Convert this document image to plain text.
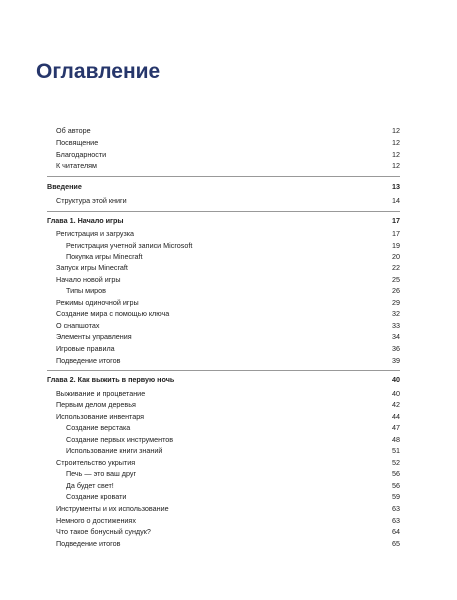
Оглавление
Об авторе	12
Посвящение	12
Благодарности	12
К читателям	12
Введение	13
Структура этой книги	14
Глава 1. Начало игры	17
Регистрация и загрузка	17
Регистрация учетной записи Microsoft	19
Покупка игры Minecraft	20
Запуск игры Minecraft	22
Начало новой игры	25
Типы миров	26
Режимы одиночной игры	29
Создание мира с помощью ключа	32
О снапшотах	33
Элементы управления	34
Игровые правила	36
Подведение итогов	39
Глава 2. Как выжить в первую ночь	40
Выживание и процветание	40
Первым делом деревья	42
Использование инвентаря	44
Создание верстака	47
Создание первых инструментов	48
Использование книги знаний	51
Строительство укрытия	52
Печь — это ваш друг	56
Да будет свет!	56
Создание кровати	59
Инструменты и их использование	63
Немного о достижениях	63
Что такое бонусный сундук?	64
Подведение итогов	65
